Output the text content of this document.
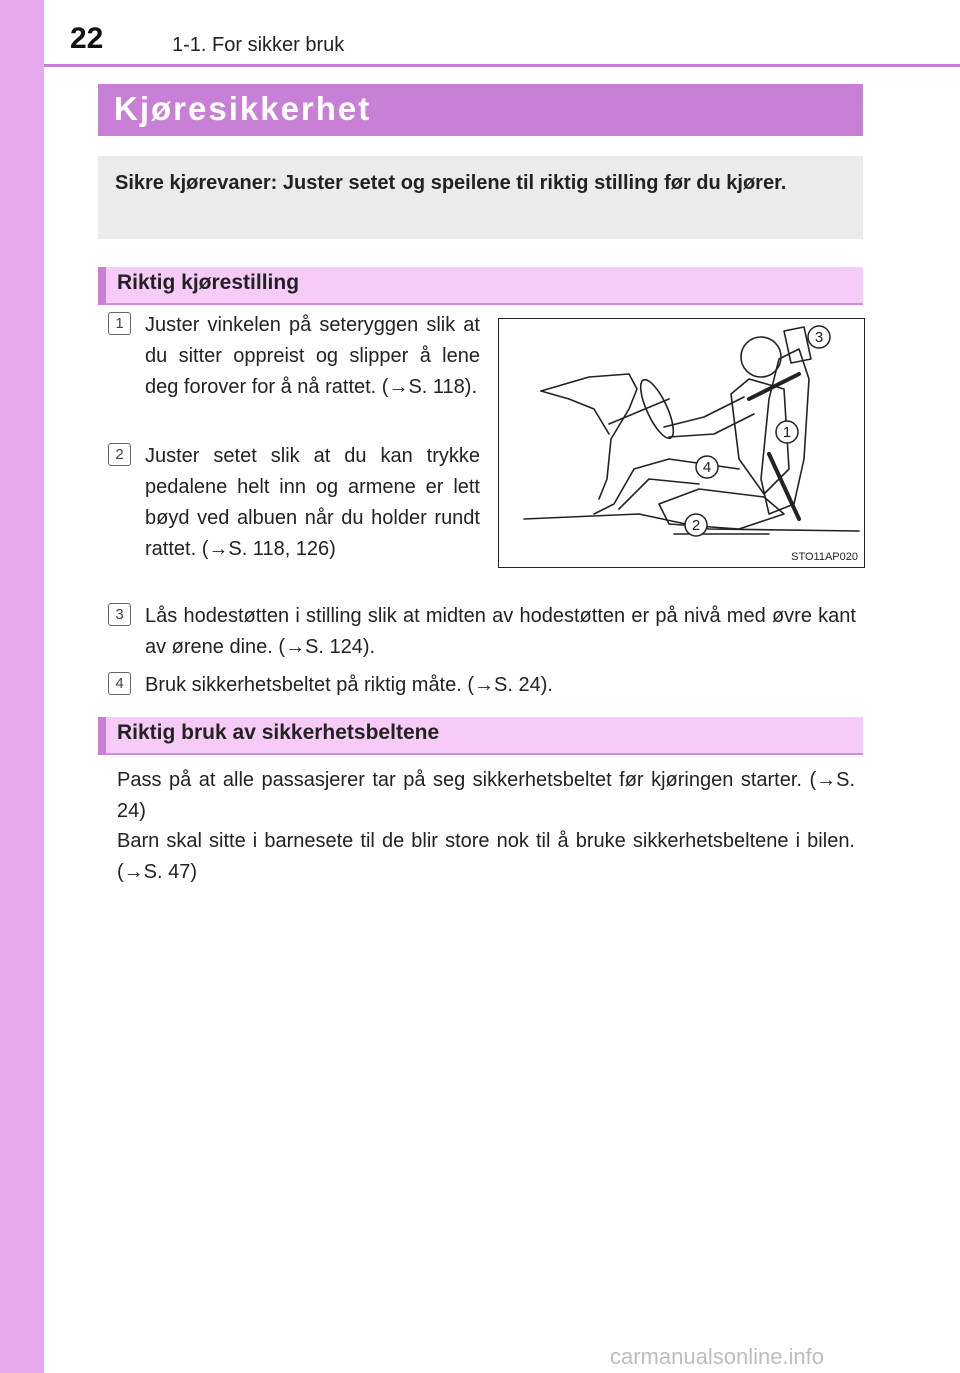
22	1-1. For sikker bruk
Kjøresikkerhet
Sikre kjørevaner: Juster setet og speilene til riktig stilling før du kjører.
Riktig kjørestilling
1	Juster vinkelen på seteryggen slik at du sitter oppreist og slipper å lene deg forover for å nå rattet. (→S. 118).
2	Juster setet slik at du kan trykke pedalene helt inn og armene er lett bøyd ved albuen når du holder rundt rattet. (→S. 118, 126)
3
1
4
2
STO11AP020
3	Lås hodestøtten i stilling slik at midten av hodestøtten er på nivå med øvre kant av ørene dine. (→S. 124).
4	Bruk sikkerhetsbeltet på riktig måte. (→S. 24).
Riktig bruk av sikkerhetsbeltene
Pass på at alle passasjerer tar på seg sikkerhetsbeltet før kjøringen starter. (→S. 24)
Barn skal sitte i barnesete til de blir store nok til å bruke sikkerhetsbeltene i bilen. (→S. 47)
carmanualsonline.info
